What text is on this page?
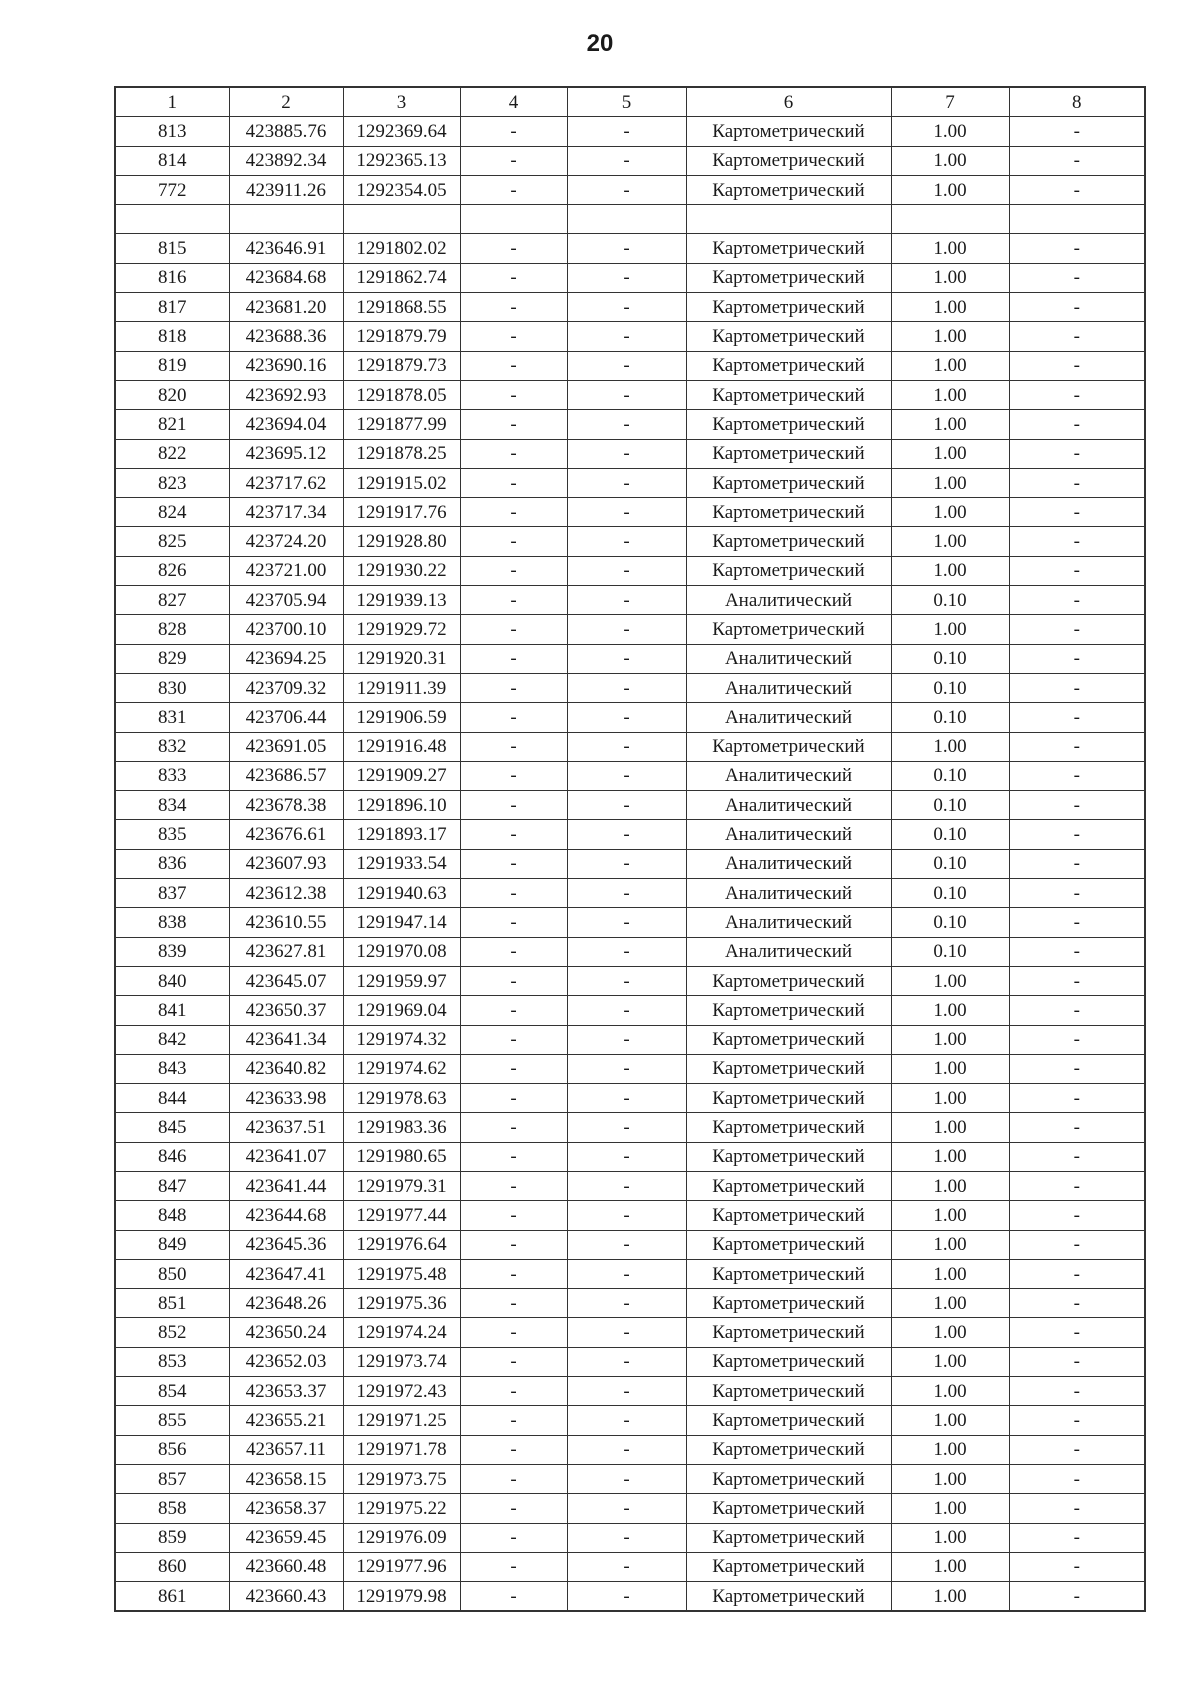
20
1	2	3	4	5	6	7	8
813	423885.76	1292369.64	-	-	Картометрический	1.00	-
814	423892.34	1292365.13	-	-	Картометрический	1.00	-
772	423911.26	1292354.05	-	-	Картометрический	1.00	-

815	423646.91	1291802.02	-	-	Картометрический	1.00	-
816	423684.68	1291862.74	-	-	Картометрический	1.00	-
817	423681.20	1291868.55	-	-	Картометрический	1.00	-
818	423688.36	1291879.79	-	-	Картометрический	1.00	-
819	423690.16	1291879.73	-	-	Картометрический	1.00	-
820	423692.93	1291878.05	-	-	Картометрический	1.00	-
821	423694.04	1291877.99	-	-	Картометрический	1.00	-
822	423695.12	1291878.25	-	-	Картометрический	1.00	-
823	423717.62	1291915.02	-	-	Картометрический	1.00	-
824	423717.34	1291917.76	-	-	Картометрический	1.00	-
825	423724.20	1291928.80	-	-	Картометрический	1.00	-
826	423721.00	1291930.22	-	-	Картометрический	1.00	-
827	423705.94	1291939.13	-	-	Аналитический	0.10	-
828	423700.10	1291929.72	-	-	Картометрический	1.00	-
829	423694.25	1291920.31	-	-	Аналитический	0.10	-
830	423709.32	1291911.39	-	-	Аналитический	0.10	-
831	423706.44	1291906.59	-	-	Аналитический	0.10	-
832	423691.05	1291916.48	-	-	Картометрический	1.00	-
833	423686.57	1291909.27	-	-	Аналитический	0.10	-
834	423678.38	1291896.10	-	-	Аналитический	0.10	-
835	423676.61	1291893.17	-	-	Аналитический	0.10	-
836	423607.93	1291933.54	-	-	Аналитический	0.10	-
837	423612.38	1291940.63	-	-	Аналитический	0.10	-
838	423610.55	1291947.14	-	-	Аналитический	0.10	-
839	423627.81	1291970.08	-	-	Аналитический	0.10	-
840	423645.07	1291959.97	-	-	Картометрический	1.00	-
841	423650.37	1291969.04	-	-	Картометрический	1.00	-
842	423641.34	1291974.32	-	-	Картометрический	1.00	-
843	423640.82	1291974.62	-	-	Картометрический	1.00	-
844	423633.98	1291978.63	-	-	Картометрический	1.00	-
845	423637.51	1291983.36	-	-	Картометрический	1.00	-
846	423641.07	1291980.65	-	-	Картометрический	1.00	-
847	423641.44	1291979.31	-	-	Картометрический	1.00	-
848	423644.68	1291977.44	-	-	Картометрический	1.00	-
849	423645.36	1291976.64	-	-	Картометрический	1.00	-
850	423647.41	1291975.48	-	-	Картометрический	1.00	-
851	423648.26	1291975.36	-	-	Картометрический	1.00	-
852	423650.24	1291974.24	-	-	Картометрический	1.00	-
853	423652.03	1291973.74	-	-	Картометрический	1.00	-
854	423653.37	1291972.43	-	-	Картометрический	1.00	-
855	423655.21	1291971.25	-	-	Картометрический	1.00	-
856	423657.11	1291971.78	-	-	Картометрический	1.00	-
857	423658.15	1291973.75	-	-	Картометрический	1.00	-
858	423658.37	1291975.22	-	-	Картометрический	1.00	-
859	423659.45	1291976.09	-	-	Картометрический	1.00	-
860	423660.48	1291977.96	-	-	Картометрический	1.00	-
861	423660.43	1291979.98	-	-	Картометрический	1.00	-
